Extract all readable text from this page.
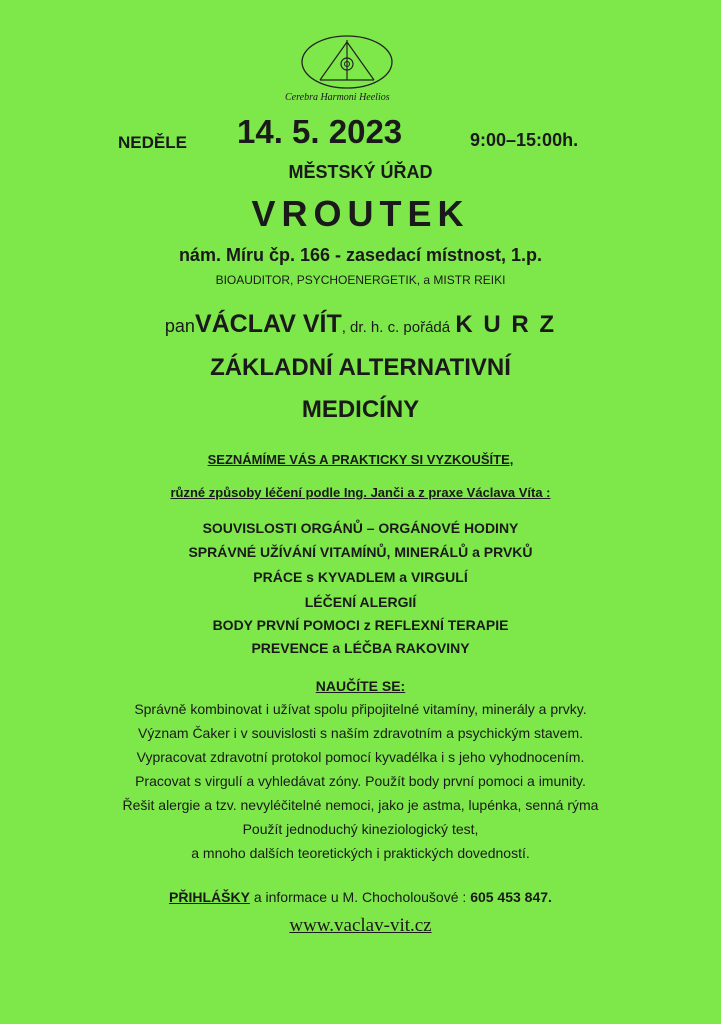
Cerebra Harmoni Heelios
NEDĚLE 14. 5. 2023	9:00–15:00h.
MĚSTSKÝ ÚŘAD
VROUTEK
nám. Míru čp. 166 - zasedací místnost, 1.p.
BIOAUDITOR, PSYCHOENERGETIK, a MISTR REIKI
panVÁCLAV VÍT, dr. h. c. pořádá K U R Z
ZÁKLADNÍ ALTERNATIVNÍ
MEDICÍNY
SEZNÁMÍME VÁS A PRAKTICKY SI VYZKOUŠÍTE,
různé způsoby léčení podle Ing. Janči a z praxe Václava Víta :
SOUVISLOSTI ORGÁNŮ – ORGÁNOVÉ HODINY
SPRÁVNÉ UŽÍVÁNÍ VITAMÍNŮ, MINERÁLŮ a PRVKŮ
PRÁCE s KYVADLEM a VIRGULÍ
LÉČENÍ ALERGIÍ
BODY PRVNÍ POMOCI z REFLEXNÍ TERAPIE
PREVENCE a LÉČBA RAKOVINY
NAUČÍTE SE:
Správně kombinovat i užívat spolu připojitelné vitamíny, minerály a prvky.
Význam Čaker i v souvislosti s naším zdravotním a psychickým stavem.
Vypracovat zdravotní protokol pomocí kyvadélka i s jeho vyhodnocením.
Pracovat s virgulí a vyhledávat zóny. Použít body první pomoci a imunity.
Řešit alergie a tzv. nevyléčitelné nemoci, jako je astma, lupénka, senná rýma
Použít jednoduchý kineziologický test,
a mnoho dalších teoretických i praktických dovedností.
PŘIHLÁŠKY a informace u M. Chocholoušové : 605 453 847.
www.vaclav-vit.cz
